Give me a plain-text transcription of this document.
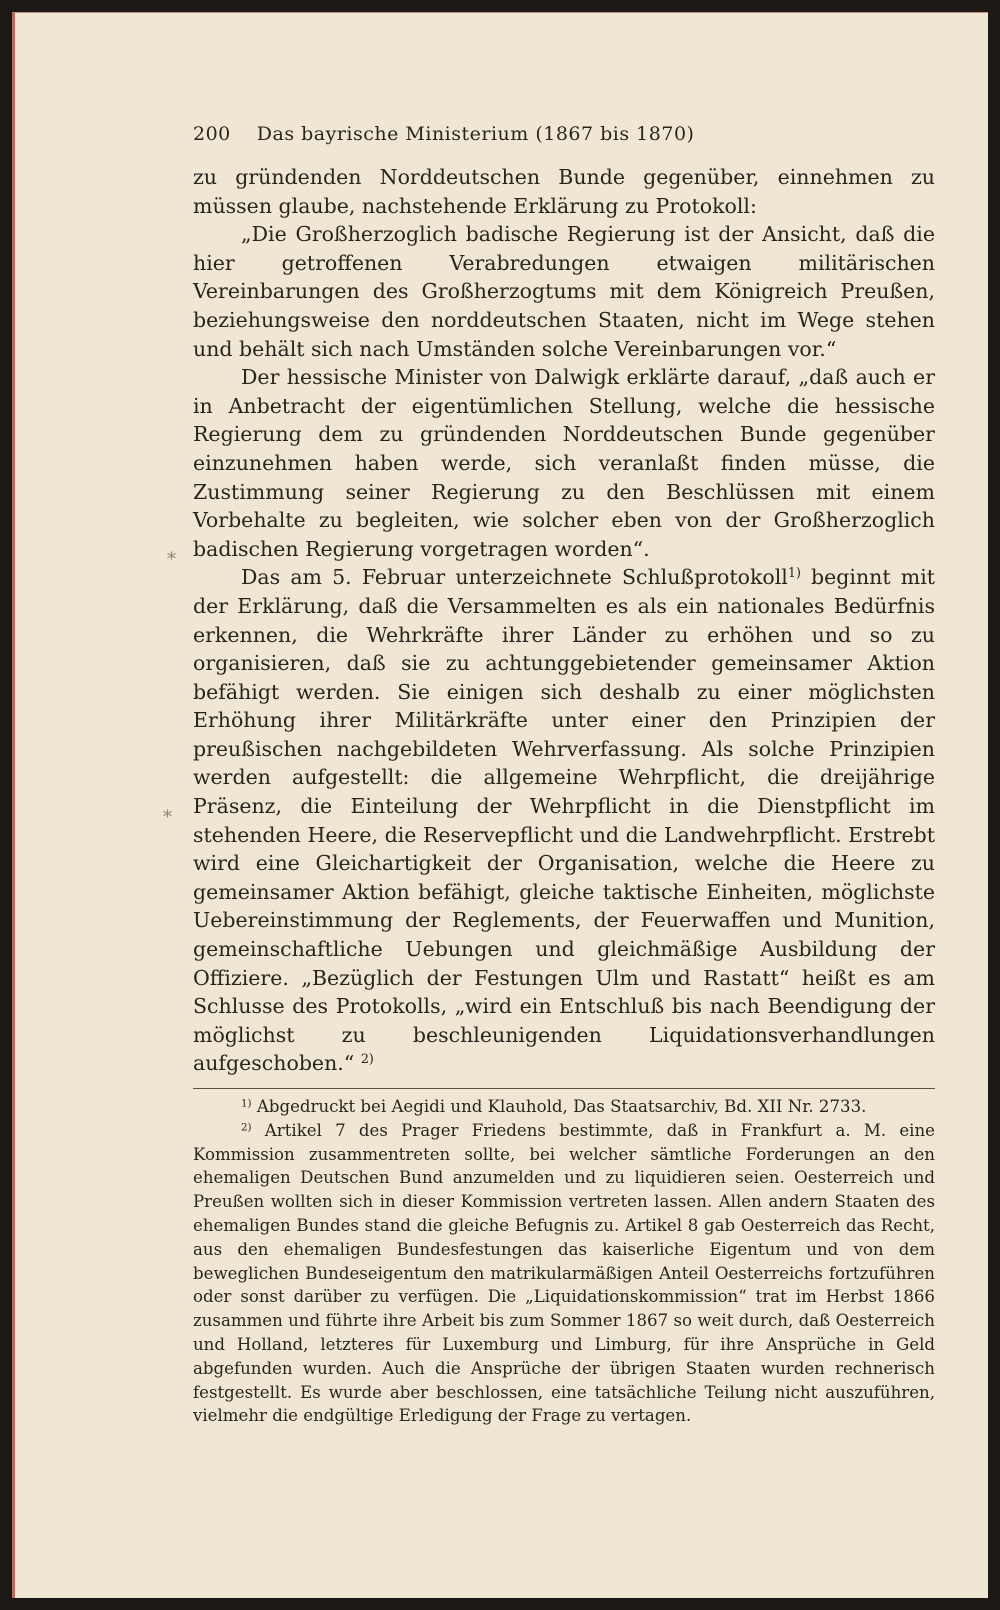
*
*
200 Das bayrische Ministerium (1867 bis 1870)

zu gründenden Norddeutschen Bunde gegenüber, einnehmen zu müssen glaube, nachstehende Erklärung zu Protokoll:

„Die Großherzoglich badische Regierung ist der Ansicht, daß die hier getroffenen Verabredungen etwaigen militärischen Vereinbarungen des Großherzogtums mit dem Königreich Preußen, beziehungsweise den norddeutschen Staaten, nicht im Wege stehen und behält sich nach Umständen solche Vereinbarungen vor.“

Der hessische Minister von Dalwigk erklärte darauf, „daß auch er in Anbetracht der eigentümlichen Stellung, welche die hessische Regierung dem zu gründenden Norddeutschen Bunde gegenüber einzunehmen haben werde, sich veranlaßt finden müsse, die Zustimmung seiner Regierung zu den Beschlüssen mit einem Vorbehalte zu begleiten, wie solcher eben von der Großherzoglich badischen Regierung vorgetragen worden“.

Das am 5. Februar unterzeichnete Schlußprotokoll$^{1)}$ beginnt mit der Erklärung, daß die Versammelten es als ein nationales Bedürfnis erkennen, die Wehrkräfte ihrer Länder zu erhöhen und so zu organisieren, daß sie zu achtunggebietender gemeinsamer Aktion befähigt werden. Sie einigen sich deshalb zu einer möglichsten Erhöhung ihrer Militärkräfte unter einer den Prinzipien der preußischen nachgebildeten Wehrverfassung. Als solche Prinzipien werden aufgestellt: die allgemeine Wehrpflicht, die dreijährige Präsenz, die Einteilung der Wehrpflicht in die Dienstpflicht im stehenden Heere, die Reservepflicht und die Landwehrpflicht. Erstrebt wird eine Gleichartigkeit der Organisation, welche die Heere zu gemeinsamer Aktion befähigt, gleiche taktische Einheiten, möglichste Uebereinstimmung der Reglements, der Feuerwaffen und Munition, gemeinschaftliche Uebungen und gleichmäßige Ausbildung der Offiziere. „Bezüglich der Festungen Ulm und Rastatt“ heißt es am Schlusse des Protokolls, „wird ein Entschluß bis nach Beendigung der möglichst zu beschleunigenden Liquidationsverhandlungen aufgeschoben.“ $^{2)}$

$^{1)}$ Abgedruckt bei Aegidi und Klauhold, Das Staatsarchiv, Bd. XII Nr. 2733.

$^{2)}$ Artikel 7 des Prager Friedens bestimmte, daß in Frankfurt a. M. eine Kommission zusammentreten sollte, bei welcher sämtliche Forderungen an den ehemaligen Deutschen Bund anzumelden und zu liquidieren seien. Oesterreich und Preußen wollten sich in dieser Kommission vertreten lassen. Allen andern Staaten des ehemaligen Bundes stand die gleiche Befugnis zu. Artikel 8 gab Oesterreich das Recht, aus den ehemaligen Bundesfestungen das kaiserliche Eigentum und von dem beweglichen Bundeseigentum den matrikularmäßigen Anteil Oesterreichs fortzuführen oder sonst darüber zu verfügen. Die „Liquidationskommission“ trat im Herbst 1866 zusammen und führte ihre Arbeit bis zum Sommer 1867 so weit durch, daß Oesterreich und Holland, letzteres für Luxemburg und Limburg, für ihre Ansprüche in Geld abgefunden wurden. Auch die Ansprüche der übrigen Staaten wurden rechnerisch festgestellt. Es wurde aber beschlossen, eine tatsächliche Teilung nicht auszuführen, vielmehr die endgültige Erledigung der Frage zu vertagen.
